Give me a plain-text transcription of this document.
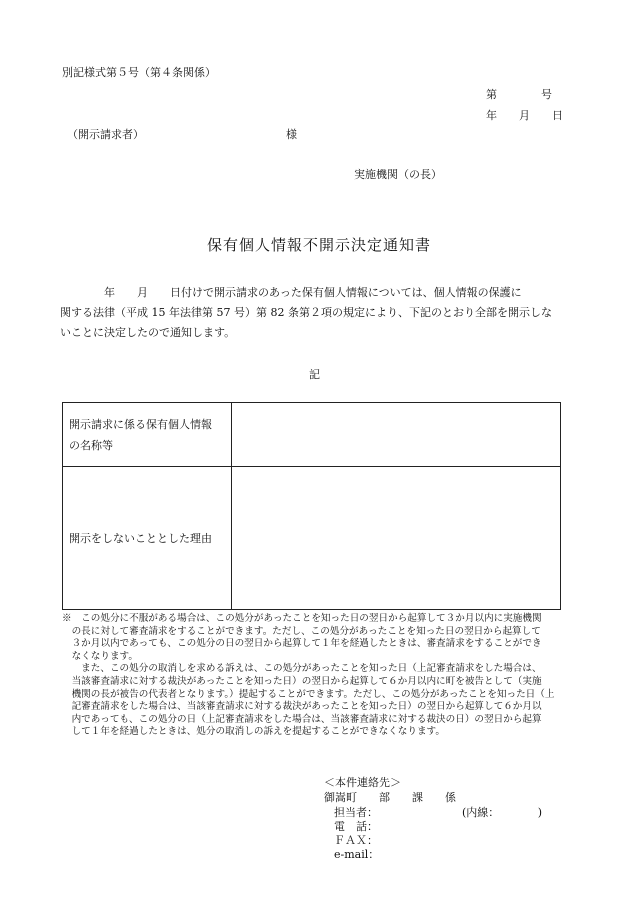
別記様式第５号（第４条関係）
第　　　　号
年　　月　　日
（開示請求者）	様
実施機関（の長）
保有個人情報不開示決定通知書
　　　　年　　月　　日付けで開示請求のあった保有個人情報については、個人情報の保護に
関する法律（平成 15 年法律第 57 号）第 82 条第２項の規定により、下記のとおり全部を開示しな
いことに決定したので通知します。
記
開示請求に係る保有個人情報
の名称等	

開示をしないこととした理由	
※　この処分に不服がある場合は、この処分があったことを知った日の翌日から起算して３か月以内に実施機関
　の長に対して審査請求をすることができます。ただし、この処分があったことを知った日の翌日から起算して
　３か月以内であっても、この処分の日の翌日から起算して１年を経過したときは、審査請求をすることができ
　なくなります。
　　また、この処分の取消しを求める訴えは、この処分があったことを知った日（上記審査請求をした場合は、
　当該審査請求に対する裁決があったことを知った日）の翌日から起算して６か月以内に町を被告として（実施
　機関の長が被告の代表者となります。）提起することができます。ただし、この処分があったことを知った日（上
　記審査請求をした場合は、当該審査請求に対する裁決があったことを知った日）の翌日から起算して６か月以
　内であっても、この処分の日（上記審査請求をした場合は、当該審査請求に対する裁決の日）の翌日から起算
　して１年を経過したときは、処分の取消しの訴えを提起することができなくなります。
＜本件連絡先＞
御嵩町　　部　　課　　係
担当者：	(内線：　　　　)
電　話：
ＦＡＸ：
e-mail：
